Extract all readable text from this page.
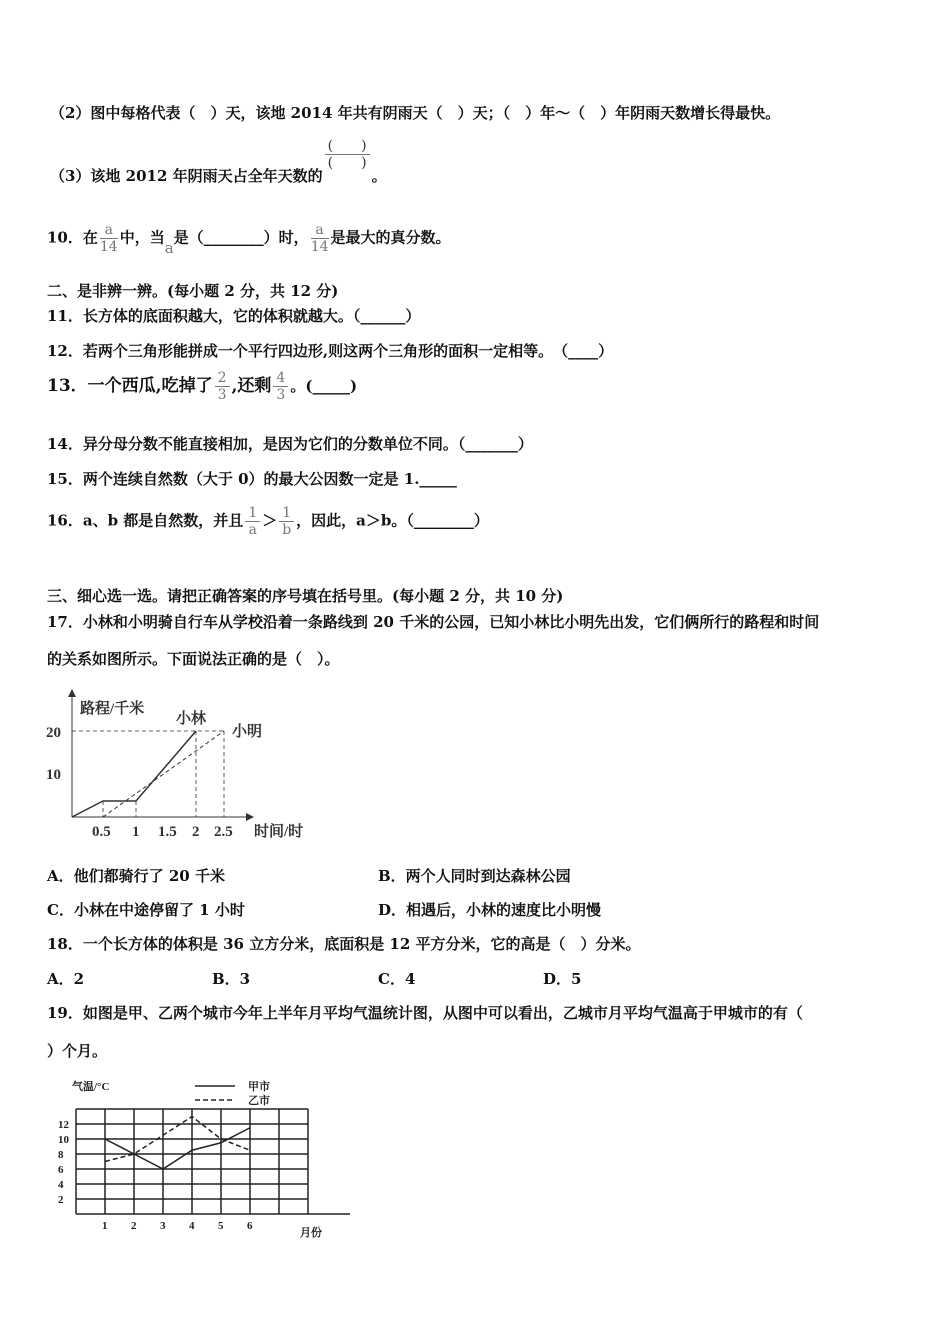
（2）图中每格代表（　）天，该地 2014 年共有阴雨天（　）天；（　）年～（　）年阴雨天数增长得最快。
（3）该地 2012 年阴雨天占全年天数的
$\frac{( )}{( )}$
。
10．在 $\frac{a}{14}$ 中，当a是（________）时， $\frac{a}{14}$ 是最大的真分数。
二、是非辨一辨。(每小题 2 分，共 12 分)
11．长方体的底面积越大，它的体积就越大。（______）
12．若两个三角形能拼成一个平行四边形,则这两个三角形的面积一定相等。　（____）
13．一个西瓜,吃掉了 $\frac{2}{3}$ ,还剩 $\frac{4}{3}$ 。(_____)
14．异分母分数不能直接相加，是因为它们的分数单位不同。（_______）
15．两个连续自然数（大于 0）的最大公因数一定是 1._____
16．a、b 都是自然数，并且 $\frac{1}{a} > \frac{1}{b}$ ，因此，a＞b。（________）
三、细心选一选。请把正确答案的序号填在括号里。(每小题 2 分，共 10 分)
17．小林和小明骑自行车从学校沿着一条路线到 20 千米的公园，已知小林比小明先出发，它们俩所行的路程和时间
的关系如图所示。下面说法正确的是（　）。
路程/千米
20
10
0.5 1 1.5 2 2.5 时间/时
小林
小明
A．他们都骑行了 20 千米	B．两个人同时到达森林公园
C．小林在中途停留了 1 小时	D．相遇后，小林的速度比小明慢
18．一个长方体的体积是 36 立方分米，底面积是 12 平方分米，它的高是（　）分米。
A．2	B．3	C．4	D．5
19．如图是甲、乙两个城市今年上半年月平均气温统计图，从图中可以看出，乙城市月平均气温高于甲城市的有（
）个月。
气温/°C	甲市
乙市
月份
12
10
8
6
4
2
1 2 3 4 5 6
